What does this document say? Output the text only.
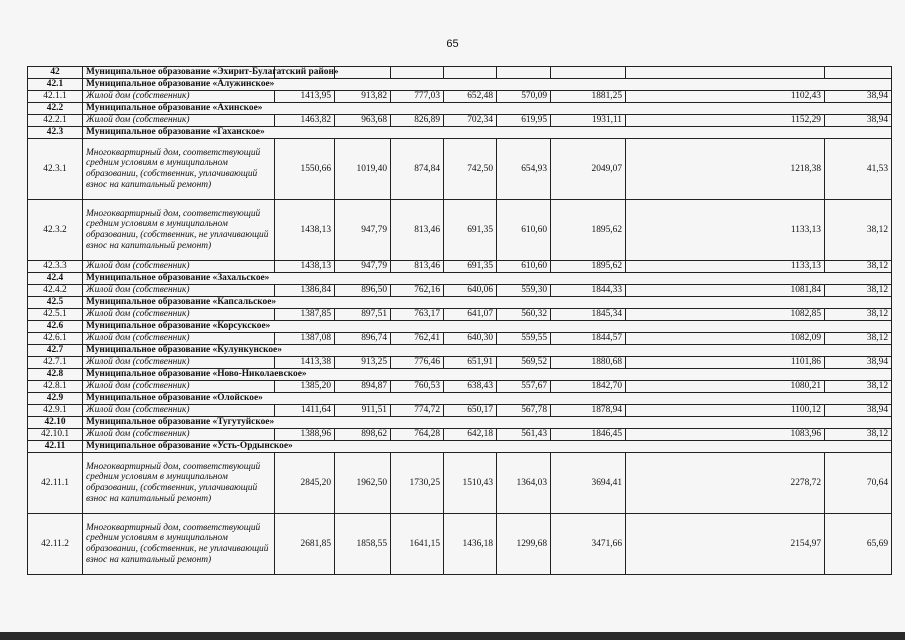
65
42	Муниципальное образование «Эхирит-Булагатский район»								
42.1	Муниципальное образование «Алужинское»								
42.1.1	Жилой дом (собственник)	1413,95	913,82	777,03	652,48	570,09	1881,25	1102,43	38,94
42.2	Муниципальное образование «Ахинское»								
42.2.1	Жилой дом (собственник)	1463,82	963,68	826,89	702,34	619,95	1931,11	1152,29	38,94
42.3	Муниципальное образование «Гаханское»								
42.3.1	Многоквартирный дом, соответствующий средним условиям в муниципальном образовании, (собственник, уплачивающий взнос на капитальный ремонт)	1550,66	1019,40	874,84	742,50	654,93	2049,07	1218,38	41,53
42.3.2	Многоквартирный дом, соответствующий средним условиям в муниципальном образовании, (собственник, не уплачивающий взнос на капитальный ремонт)	1438,13	947,79	813,46	691,35	610,60	1895,62	1133,13	38,12
42.3.3	Жилой дом (собственник)	1438,13	947,79	813,46	691,35	610,60	1895,62	1133,13	38,12
42.4	Муниципальное образование «Захальское»								
42.4.2	Жилой дом (собственник)	1386,84	896,50	762,16	640,06	559,30	1844,33	1081,84	38,12
42.5	Муниципальное образование «Капсальское»								
42.5.1	Жилой дом (собственник)	1387,85	897,51	763,17	641,07	560,32	1845,34	1082,85	38,12
42.6	Муниципальное образование «Корсукское»								
42.6.1	Жилой дом (собственник)	1387,08	896,74	762,41	640,30	559,55	1844,57	1082,09	38,12
42.7	Муниципальное образование «Кулункунское»								
42.7.1	Жилой дом (собственник)	1413,38	913,25	776,46	651,91	569,52	1880,68	1101,86	38,94
42.8	Муниципальное образование «Ново-Николаевское»								
42.8.1	Жилой дом (собственник)	1385,20	894,87	760,53	638,43	557,67	1842,70	1080,21	38,12
42.9	Муниципальное образование «Олойское»								
42.9.1	Жилой дом (собственник)	1411,64	911,51	774,72	650,17	567,78	1878,94	1100,12	38,94
42.10	Муниципальное образование «Тугутуйское»								
42.10.1	Жилой дом (собственник)	1388,96	898,62	764,28	642,18	561,43	1846,45	1083,96	38,12
42.11	Муниципальное образование «Усть-Ордынское»								
42.11.1	Многоквартирный дом, соответствующий средним условиям в муниципальном образовании, (собственник, уплачивающий взнос на капитальный ремонт)	2845,20	1962,50	1730,25	1510,43	1364,03	3694,41	2278,72	70,64
42.11.2	Многоквартирный дом, соответствующий средним условиям в муниципальном образовании, (собственник, не уплачивающий взнос на капитальный ремонт)	2681,85	1858,55	1641,15	1436,18	1299,68	3471,66	2154,97	65,69
